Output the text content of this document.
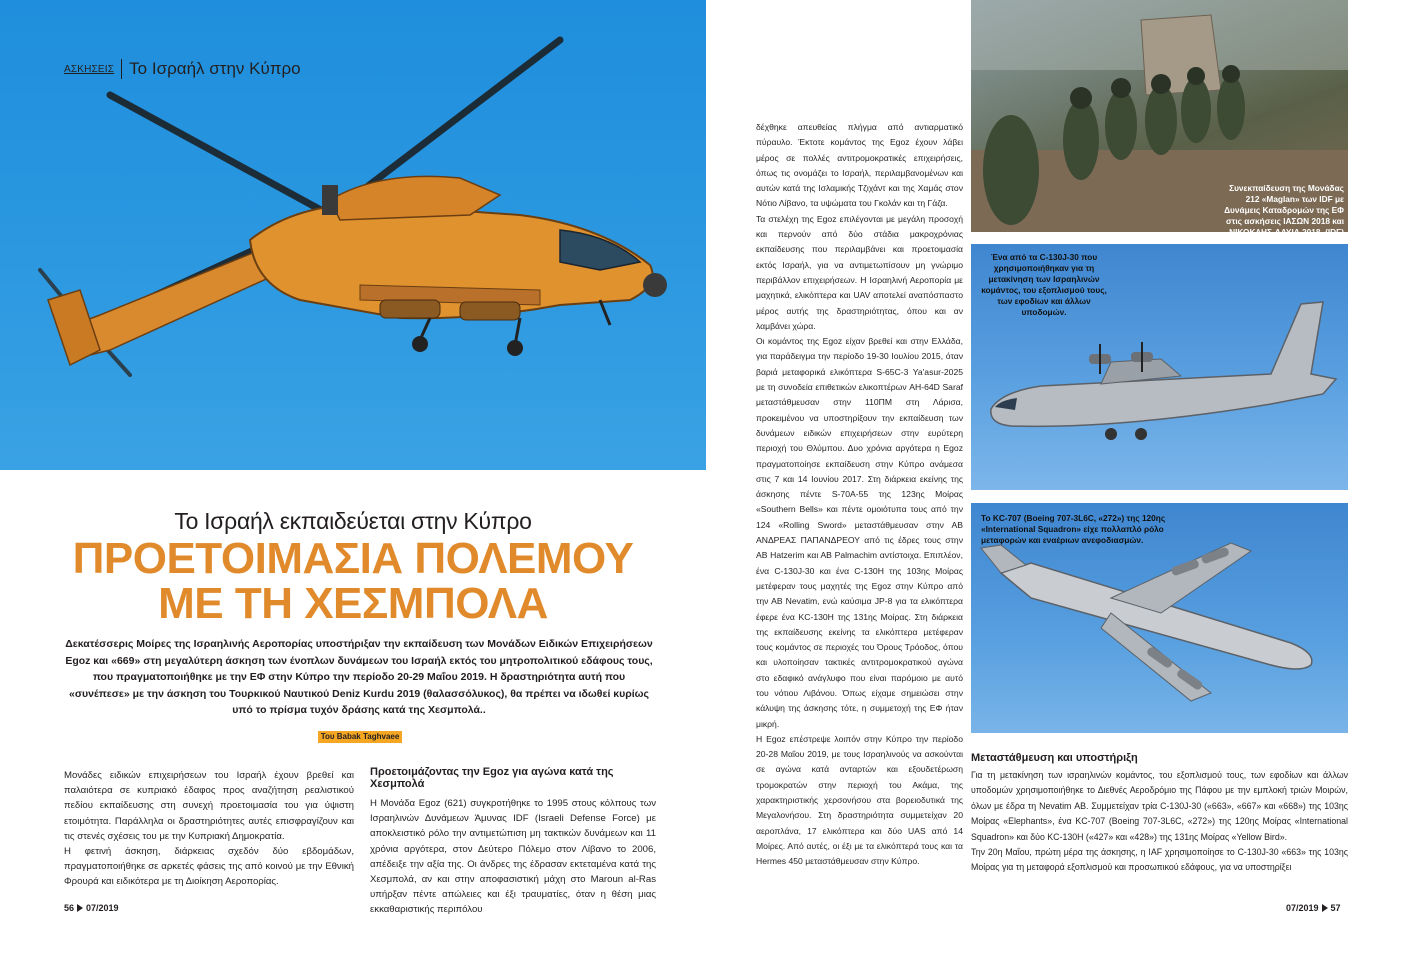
ΑΣΚΗΣΕΙΣ Το Ισραήλ στην Κύπρο
Το Ισραήλ εκπαιδεύεται στην Κύπρο
ΠΡΟΕΤΟΙΜΑΣΙΑ ΠΟΛΕΜΟΥ
ΜΕ ΤΗ ΧΕΣΜΠΟΛΑ
Δεκατέσσερις Μοίρες της Ισραηλινής Αεροπορίας υποστήριξαν την εκπαίδευση των Μονάδων Ειδικών Επιχειρήσεων Egoz και «669» στη μεγαλύτερη άσκηση των ένοπλων δυνάμεων του Ισραήλ εκτός του μητροπολιτικού εδάφους τους, που πραγματοποιήθηκε με την ΕΦ στην Κύπρο την περίοδο 20-29 Μαΐου 2019. Η δραστηριότητα αυτή που «συνέπεσε» με την άσκηση του Τουρκικού Ναυτικού Deniz Kurdu 2019 (θαλασσόλυκος), θα πρέπει να ιδωθεί κυρίως υπό το πρίσμα τυχόν δράσης κατά της Χεσμπολά..
Του Babak Taghvaee

Μονάδες ειδικών επιχειρήσεων του Ισραήλ έχουν βρεθεί και παλαιότερα σε κυπριακό έδαφος προς αναζήτηση ρεαλιστικού πεδίου εκπαίδευσης στη συνεχή προετοιμασία του για ύψιστη ετοιμότητα. Παράλληλα οι δραστηριότητες αυτές επισφραγίζουν και τις στενές σχέσεις του με την Κυπριακή Δημοκρατία.

Η φετινή άσκηση, διάρκειας σχεδόν δύο εβδομάδων, πραγματοποιήθηκε σε αρκετές φάσεις της από κοινού με την Εθνική Φρουρά και ειδικότερα με τη Διοίκηση Αεροπορίας.

Προετοιμάζοντας την Egoz για αγώνα κατά της Χεσμπολά
Η Μονάδα Egoz (621) συγκροτήθηκε το 1995 στους κόλπους των Ισραηλινών Δυνάμεων Άμυνας IDF (Israeli Defense Force) με αποκλειστικό ρόλο την αντιμετώπιση μη τακτικών δυνάμεων και 11 χρόνια αργότερα, στον Δεύτερο Πόλεμο στον Λίβανο το 2006, απέδειξε την αξία της. Οι άνδρες της έδρασαν εκτεταμένα κατά της Χεσμπολά, αν και στην αποφασιστική μάχη στο Maroun al-Ras υπήρξαν πέντε απώλειες και έξι τραυματίες, όταν η θέση μιας εκκαθαριστικής περιπόλου
56 07/2019

δέχθηκε απευθείας πλήγμα από αντιαρματικό πύραυλο. Έκτοτε κομάντος της Egoz έχουν λάβει μέρος σε πολλές αντιτρομοκρατικές επιχειρήσεις, όπως τις ονομάζει το Ισραήλ, περιλαμβανομένων και αυτών κατά της Ισλαμικής Τζιχάντ και της Χαμάς στον Νότιο Λίβανο, τα υψώματα του Γκολάν και τη Γάζα.

Τα στελέχη της Egoz επιλέγονται με μεγάλη προσοχή και περνούν από δύο στάδια μακροχρόνιας εκπαίδευσης που περιλαμβάνει και προετοιμασία εκτός Ισραήλ, για να αντιμετωπίσουν μη γνώριμο περιβάλλον επιχειρήσεων. Η Ισραηλινή Αεροπορία με μαχητικά, ελικόπτερα και UAV αποτελεί αναπόσπαστο μέρος αυτής της δραστηριότητας, όπου και αν λαμβάνει χώρα.

Οι κομάντος της Egoz είχαν βρεθεί και στην Ελλάδα, για παράδειγμα την περίοδο 19-30 Ιουλίου 2015, όταν βαριά μεταφορικά ελικόπτερα S-65C-3 Ya'asur-2025 με τη συνοδεία επιθετικών ελικοπτέρων AH-64D Saraf μεταστάθμευσαν στην 110ΠΜ στη Λάρισα, προκειμένου να υποστηρίξουν την εκπαίδευση των δυνάμεων ειδικών επιχειρήσεων στην ευρύτερη περιοχή του Θλύμπου. Δυο χρόνια αργότερα η Egoz πραγματοποίησε εκπαίδευση στην Κύπρο ανάμεσα στις 7 και 14 Ιουνίου 2017. Στη διάρκεια εκείνης της άσκησης πέντε S-70A-55 της 123ης Μοίρας «Southern Bells» και πέντε ομοιότυπα τους από την 124 «Rolling Sword» μεταστάθμευσαν στην ΑΒ ΑΝΔΡΕΑΣ ΠΑΠΑΝΔΡΕΟΥ από τις έδρες τους στην ΑΒ Hatzerim και ΑΒ Palmachim αντίστοιχα. Επιπλέον, ένα C-130J-30 και ένα C-130H της 103ης Μοίρας μετέφεραν τους μαχητές της Egoz στην Κύπρο από την ΑΒ Nevatim, ενώ καύσιμα JP-8 για τα ελικόπτερα έφερε ένα KC-130H της 131ης Μοίρας. Στη διάρκεια της εκπαίδευσης εκείνης τα ελικόπτερα μετέφεραν τους κομάντος σε περιοχές του Όρους Τρόοδος, όπου και υλοποίησαν τακτικές αντιτρομοκρατικού αγώνα στο εδαφικό ανάγλυφο που είναι παρόμοιο με αυτό του νότιου Λιβάνου. Όπως είχαμε σημειώσει στην κάλυψη της άσκησης τότε, η συμμετοχή της ΕΦ ήταν μικρή.

Η Egoz επέστρεψε λοιπόν στην Κύπρο την περίοδο 20-28 Μαΐου 2019, με τους Ισραηλινούς να ασκούνται σε αγώνα κατά ανταρτών και εξουδετέρωση τρομοκρατών στην περιοχή του Ακάμα, της χαρακτηριστικής χερσονήσου στα βορειοδυτικά της Μεγαλονήσου. Στη δραστηριότητα συμμετείχαν 20 αεροπλάνα, 17 ελικόπτερα και δύο UAS από 14 Μοίρες. Από αυτές, οι έξι με τα ελικόπτερά τους και τα Hermes 450 μεταστάθμευσαν στην Κύπρο.

Συνεκπαίδευση της Μονάδας 212 «Maglan» των IDF με Δυνάμεις Καταδρομών της ΕΦ στις ασκήσεις ΙΑΣΩΝ 2018 και ΝΙΚΟΚΛΗΣ-ΔΑΥΙΔ 2018. (IDF)
Ένα από τα C-130J-30 που χρησιμοποιήθηκαν για τη μετακίνηση των Ισραηλινών κομάντος, του εξοπλισμού τους, των εφοδίων και άλλων υποδομών.
Το KC-707 (Boeing 707-3L6C, «272») της 120ης «International Squadron» είχε πολλαπλό ρόλο μεταφορών και εναέριων ανεφοδιασμών.
Μεταστάθμευση και υποστήριξη
Για τη μετακίνηση των ισραηλινών κομάντος, του εξοπλισμού τους, των εφοδίων και άλλων υποδομών χρησιμοποιήθηκε το Διεθνές Αεροδρόμιο της Πάφου με την εμπλοκή τριών Μοιρών, όλων με έδρα τη Nevatim ΑΒ. Συμμετείχαν τρία C-130J-30 («663», «667» και «668») της 103ης Μοίρας «Elephants», ένα KC-707 (Boeing 707-3L6C, «272») της 120ης Μοίρας «International Squadron» και δύο KC-130H («427» και «428») της 131ης Μοίρας «Yellow Bird».
Την 20η Μαΐου, πρώτη μέρα της άσκησης, η IAF χρησιμοποίησε το C-130J-30 «663» της 103ης Μοίρας για τη μεταφορά εξοπλισμού και προσωπικού εδάφους, για να υποστηρίξει
07/2019 57
